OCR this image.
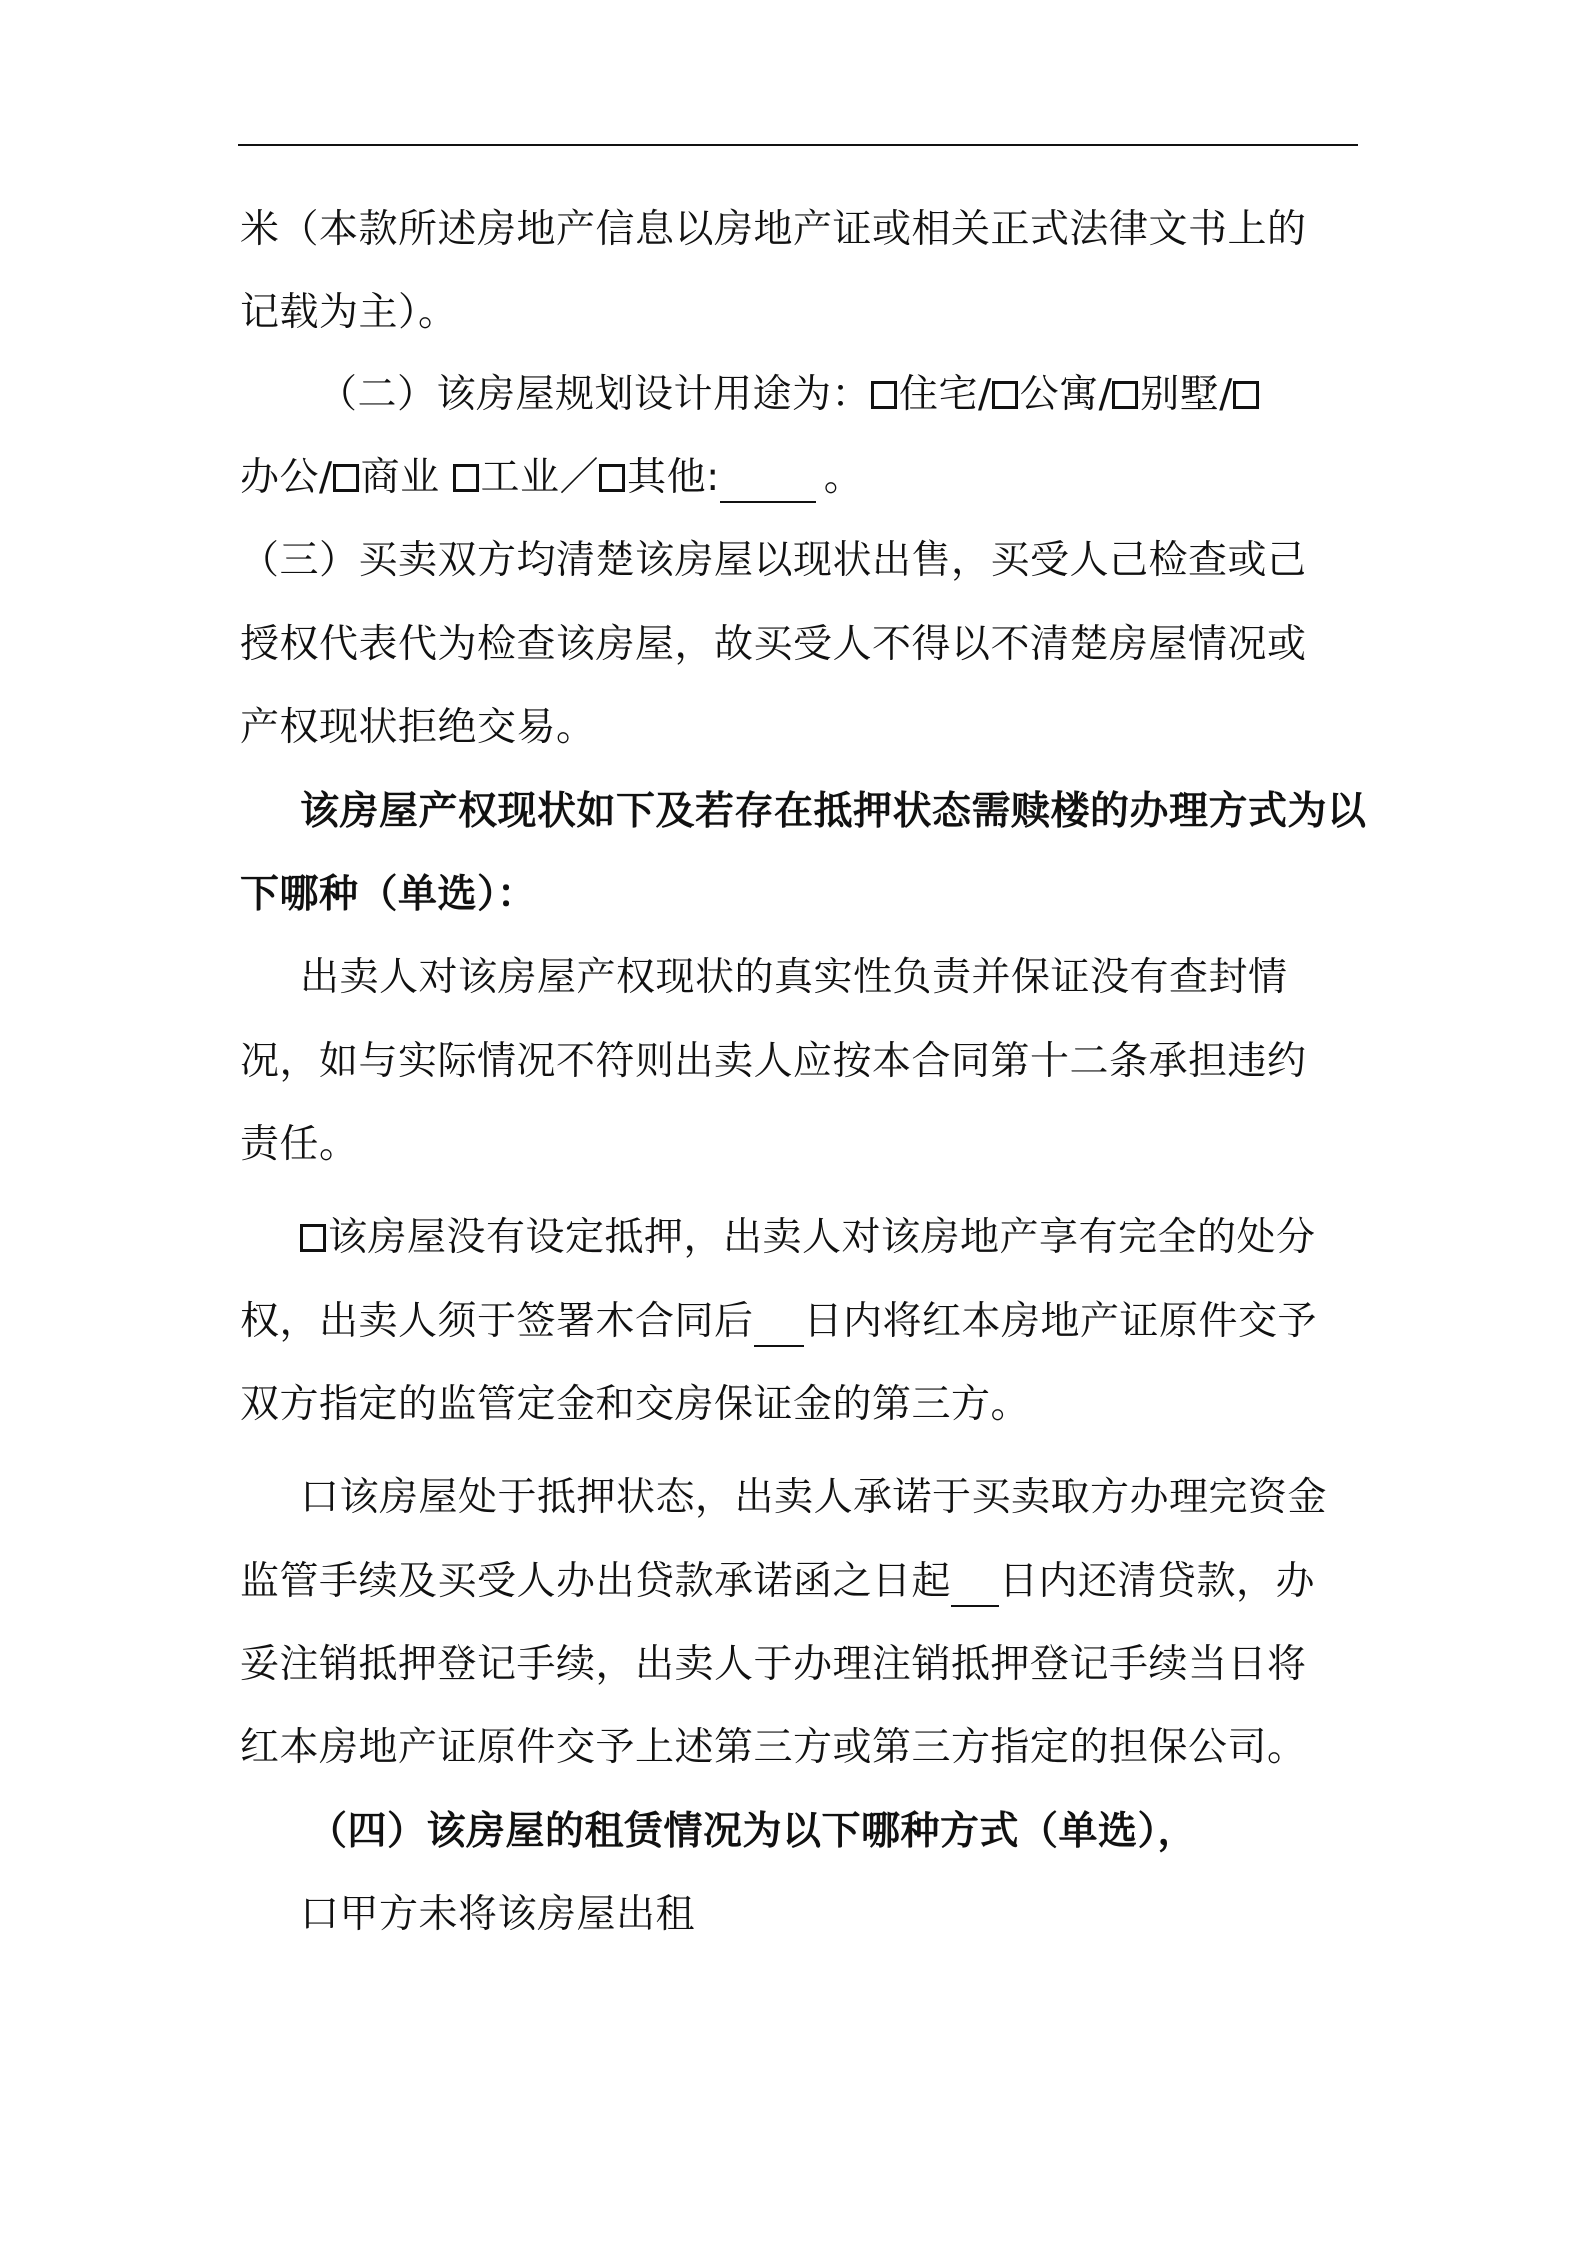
米（本款所述房地产信息以房地产证或相关正式法律文书上的
记载为主）。
（二）该房屋规划设计用途为： 住宅/ 公寓/ 别墅/
办公/ 商业 工业／ 其他:	。
（三）买卖双方均清楚该房屋以现状出售，买受人己检查或己
授权代表代为检查该房屋，故买受人不得以不清楚房屋情况或
产权现状拒绝交易。
该房屋产权现状如下及若存在抵押状态需赎楼的办理方式为以
下哪种（单选）：
出卖人对该房屋产权现状的真实性负责并保证没有查封情
况，如与实际情况不符则出卖人应按本合同第十二条承担违约
责任。
该房屋没有设定抵押，出卖人对该房地产享有完全的处分
权，出卖人须于签署木合同后 日内将红本房地产证原件交予
双方指定的监管定金和交房保证金的第三方。
口该房屋处于抵押状态，出卖人承诺于买卖取方办理完资金
监管手续及买受人办出贷款承诺函之日起 日内还清贷款，办
妥注销抵押登记手续，出卖人于办理注销抵押登记手续当日将
红本房地产证原件交予上述第三方或第三方指定的担保公司。
（四）该房屋的租赁情况为以下哪种方式（单选），
口甲方未将该房屋出租
